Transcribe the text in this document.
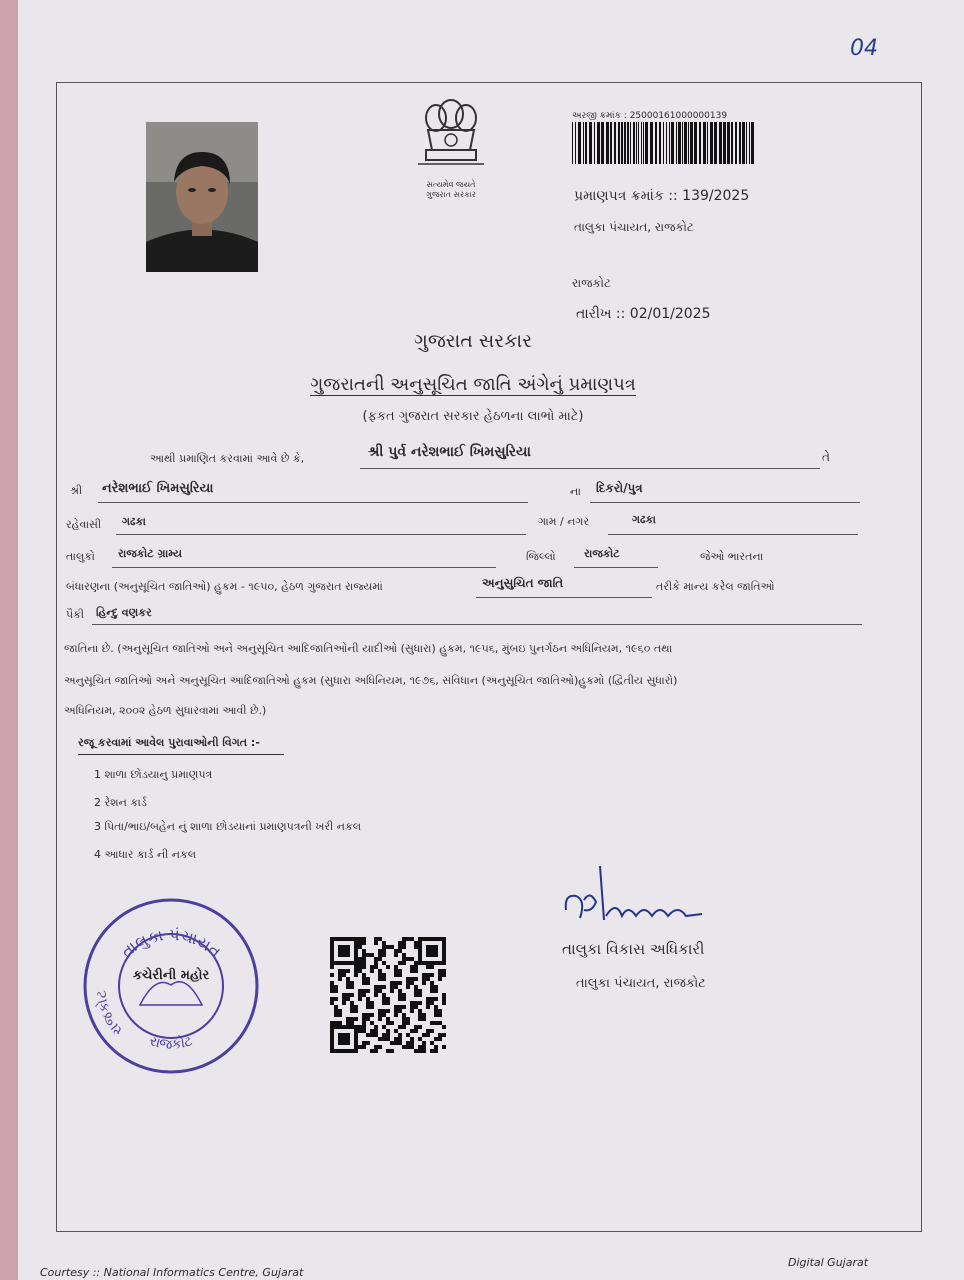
04
સત્યમેવ જયતે
ગુજરાત સરકાર
અરજી ક્રમાંક : 25000161000000139
પ્રમાણપત્ર ક્રમાંક :: 139/2025
તાલુકા પંચાયત, રાજકોટ
રાજકોટ
તારીખ :: 02/01/2025
ગુજરાત સરકાર
ગુજરાતની અનુસૂચિત જાતિ અંગેનું પ્રમાણપત્ર
(ફકત ગુજરાત સરકાર હેઠળના લાભો માટે)
આથી પ્રમાણિત કરવામાં આવે છે કે,	શ્રી પુર્વ નરેશભાઈ ખિમસુરિયા	તે
શ્રી નરેશભાઈ ખિમસુરિયા	ના દિકરો/પુત્ર
રહેવાસી ગઢકા	ગામ / નગર	ગઢકા
તાલુકો રાજકોટ ગ્રામ્ય	જિલ્લો	રાજકોટ	જેઓ ભારતના
બંધારણના (અનુસૂચિત જાતિઓ) હુકમ - ૧૯૫૦, હેઠળ ગુજરાત રાજ્યમાં	અનુસુચિત જાતિ	તરીકે માન્ય કરેલ જાતિઓ
પૈકી હિન્દુ વણકર
જાતિના છે. (અનુસૂચિત જાતિઓ અને અનુસૂચિત આદિજાતિઓની યાદીઓ (સુધારા) હુકમ, ૧૯૫૬, મુંબઇ પુનર્ગઠન અધિનિયમ, ૧૯૬૦ તથા
અનુસૂચિત જાતિઓ અને અનુસૂચિત આદિજાતિઓ હુકમ (સુધારા અધિનિયમ, ૧૯૭૬, સંવિધાન (અનુસૂચિત જાતિઓ)હુકમો (દ્વિતીય સુધારો)
અધિનિયમ, ૨૦૦૨ હેઠળ સુધારવામાં આવી છે.)
રજૂ કરવામાં આવેલ પુરાવાઓની વિગત :-
1 શાળા છોડયાનુ પ્રમાણપત્ર
2 રેશન કાર્ડ
3 પિતા/ભાઇ/બહેન નું શાળા છોડયાનાં પ્રમાણપત્રની ખરી નકલ
4 આધાર કાર્ડ ની નકલ
તાલુકા પંચાયત
રાજકોટ
રાજકોટ
કચેરીની મહોર
તાલુકા વિકાસ અધિકારી
તાલુકા પંચાયત, રાજકોટ
Courtesy :: National Informatics Centre, Gujarat
Digital Gujarat
